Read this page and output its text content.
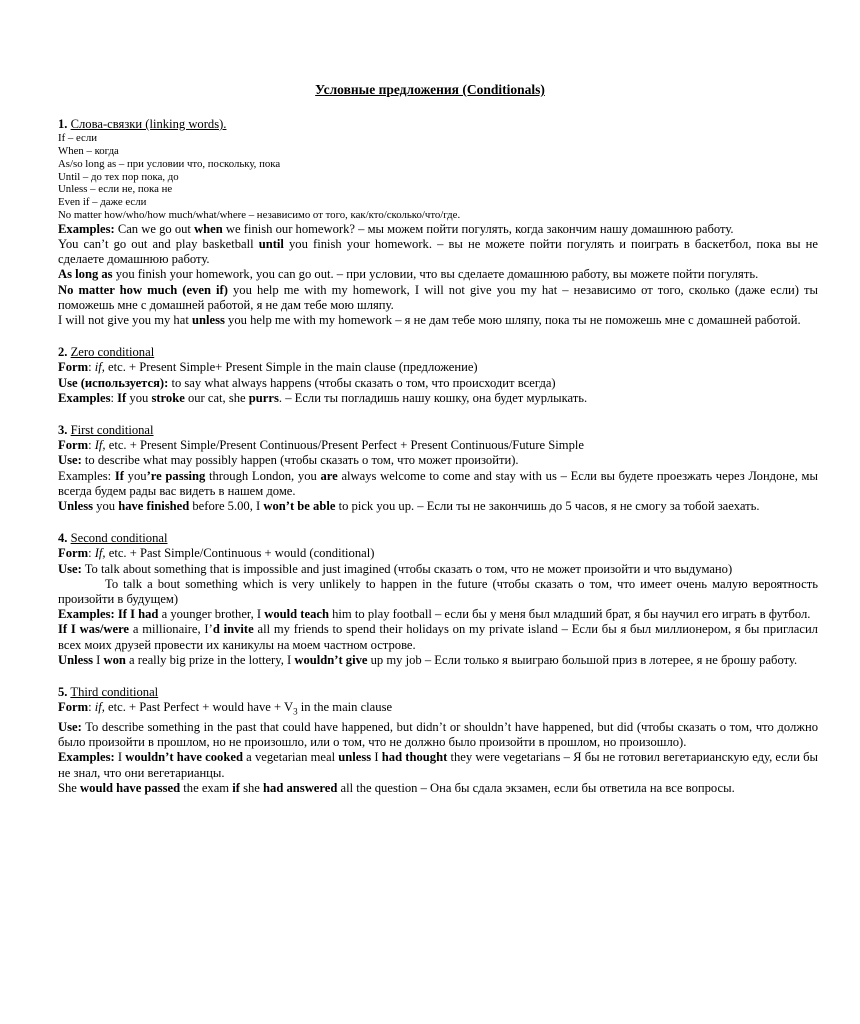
Условные предложения (Conditionals)

1. Слова-связки (linking words).

If – если

When – когда

As/so long as – при условии что, поскольку, пока

Until – до тех пор пока, до

Unless – если не, пока не

Even if – даже если

No matter how/who/how much/what/where – независимо от того, как/кто/сколько/что/где.

Examples: Can we go out when we finish our homework? – мы можем пойти погулять, когда закончим нашу домашнюю работу.

You can’t go out and play basketball until you finish your homework. – вы не можете пойти погулять и поиграть в баскетбол, пока вы не сделаете домашнюю работу.

As long as you finish your homework, you can go out. – при условии, что вы сделаете домашнюю работу, вы можете пойти погулять.

No matter how much (even if) you help me with my homework, I will not give you my hat – независимо от того, сколько (даже если) ты поможешь мне с домашней работой, я не дам тебе мою шляпу.

I will not give you my hat unless you help me with my homework – я не дам тебе мою шляпу, пока ты не поможешь мне с домашней работой.

2. Zero conditional

Form: if, etc. + Present Simple+ Present Simple in the main clause (предложение)

Use (используется): to say what always happens (чтобы сказать о том, что происходит всегда)

Examples: If you stroke our cat, she purrs. – Если ты погладишь нашу кошку, она будет мурлыкать.

3. First conditional

Form: If, etc. + Present Simple/Present Continuous/Present Perfect + Present Continuous/Future Simple

Use: to describe what may possibly happen (чтобы сказать о том, что может произойти).

Examples: If you’re passing through London, you are always welcome to come and stay with us – Если вы будете проезжать через Лондоне, мы всегда будем рады вас видеть в нашем доме.

Unless you have finished before 5.00, I won’t be able to pick you up. – Если ты не закончишь до 5 часов, я не смогу за тобой заехать.

4. Second conditional

Form: If, etc. + Past Simple/Continuous + would (conditional)

Use: To talk about something that is impossible and just imagined (чтобы сказать о том, что не может произойти и что выдумано)

To talk a bout something which is very unlikely to happen in the future (чтобы сказать о том, что имеет очень малую вероятность произойти в будущем)

Examples: If I had a younger brother, I would teach him to play football – если бы у меня был младший брат, я бы научил его играть в футбол.

If I was/were a millionaire, I’d invite all my friends to spend their holidays on my private island – Если бы я был миллионером, я бы пригласил всех моих друзей провести их каникулы на моем частном острове.

Unless I won a really big prize in the lottery, I wouldn’t give up my job – Если только я выиграю большой приз в лотерее, я не брошу работу.

5. Third conditional

Form: if, etc. + Past Perfect + would have + $V_3$ in the main clause

Use: To describe something in the past that could have happened, but didn’t or shouldn’t have happened, but did (чтобы сказать о том, что должно было произойти в прошлом, но не произошло, или о том, что не должно было произойти в прошлом, но произошло).

Examples: I wouldn’t have cooked a vegetarian meal unless I had thought they were vegetarians – Я бы не готовил вегетарианскую еду, если бы не знал, что они вегетарианцы.

She would have passed the exam if she had answered all the question – Она бы сдала экзамен, если бы ответила на все вопросы.
